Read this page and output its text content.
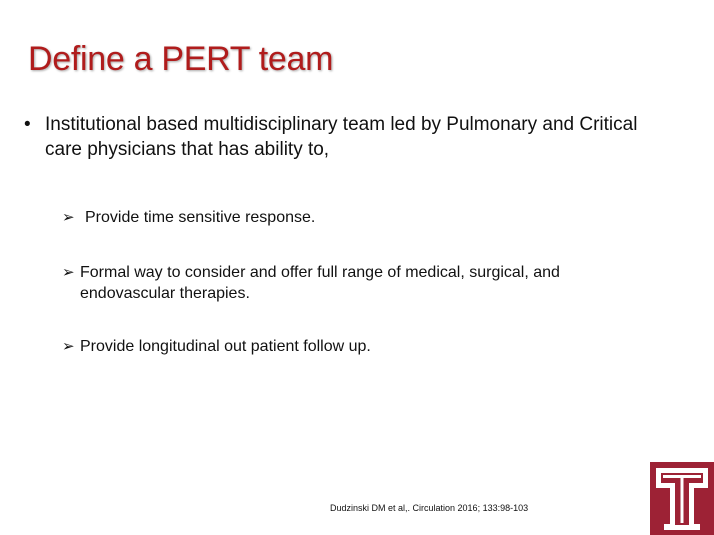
Define a PERT team
• Institutional based multidisciplinary team led by Pulmonary and Critical care physicians that has ability to,
➢ Provide time sensitive response.
➢ Formal way to consider and offer full range of medical, surgical, and endovascular therapies.
➢ Provide longitudinal out patient follow up.
Dudzinski DM et al,. Circulation 2016; 133:98-103
